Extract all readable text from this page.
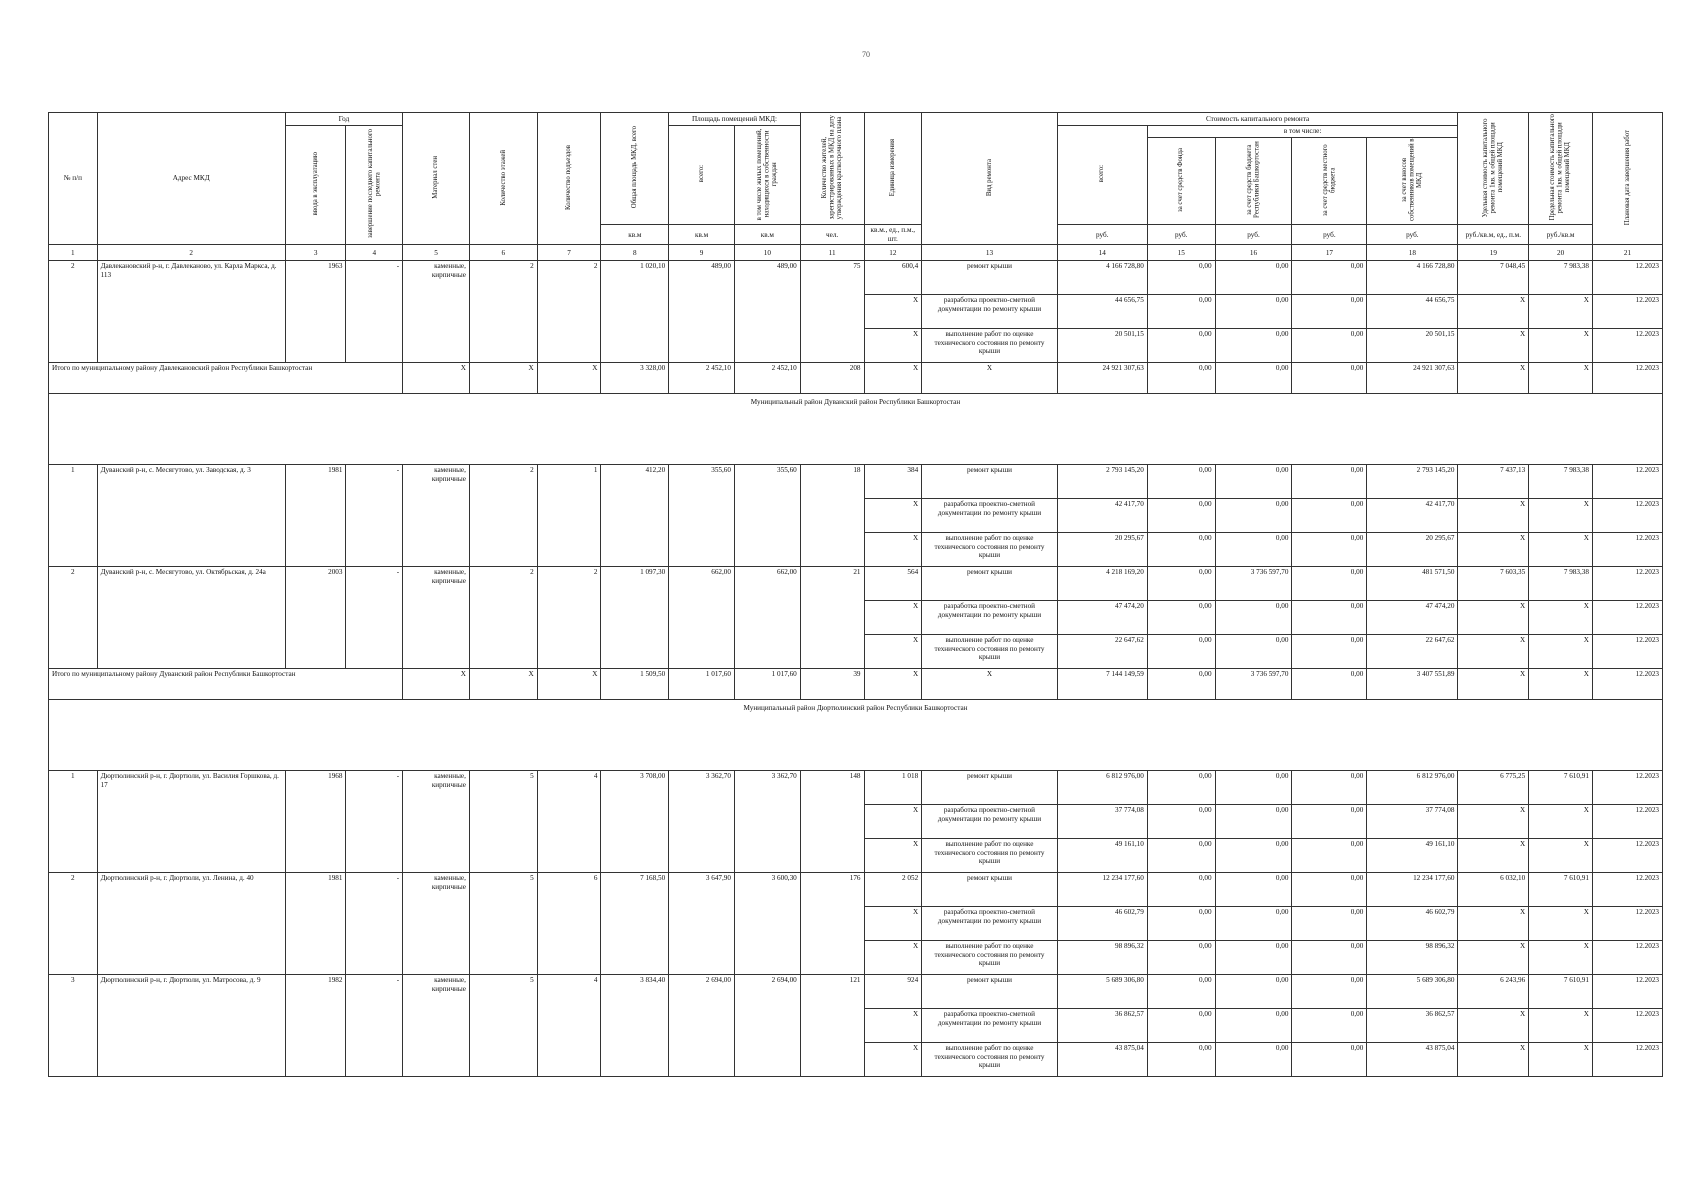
70
№ п/п	Адрес МКД	Год		Материал стен	Количество этажей	Количество подъездов	Общая площадь МКД, всего	Площадь помещений МКД:		Количество жителей, зарегистрированных в МКД на дату утверждения краткосрочного плана	Единица измерения	Вид ремонта	Стоимость капитального ремонта					Удельная стоимость капитального ремонта 1кв. м общей площади помещений МКД	Предельная стоимость капитального ремонта 1кв. м общей площади помещений МКД	Плановая дата завершения работ
		ввода в эксплуатацию	завершение последнего капитального ремонта					всего:	в том числе жилых помещений, находящихся в собственности граждан				всего:	в том числе:						
														за счет средств Фонда	за счет средств бюджета Республики Башкортостан	за счет средств местного бюджета	за счет взносов собственников помещений в МКД			
							кв.м	кв.м	кв.м	чел.	кв.м., ед., п.м., шт.		руб.	руб.	руб.	руб.	руб.	руб./кв.м, ед., п.м.	руб./кв.м	
1	2	3	4	5	6	7	8	9	10	11	12	13	14	15	16	17	18	19	20	21
2	Давлекановский р-н, г. Давлеканово, ул. Карла Маркса, д. 113	1963	-	каменные, кирпичные	2	2	1 020,10	489,00	489,00	75	600,4	ремонт крыши	4 166 728,80	0,00	0,00	0,00	4 166 728,80	7 048,45	7 983,38	12.2023
											X	разработка проектно-сметной документации по ремонту крыши	44 656,75	0,00	0,00	0,00	44 656,75	X	X	12.2023
											X	выполнение работ по оценке технического состояния по ремонту крыши	20 501,15	0,00	0,00	0,00	20 501,15	X	X	12.2023
Итого по муниципальному району Давлекановский район Республики Башкортостан				X	X	X	3 328,00	2 452,10	2 452,10	208	X	X	24 921 307,63	0,00	0,00	0,00	24 921 307,63	X	X	12.2023
Муниципальный район Дуванский район Республики Башкортостан																				
1	Дуванский р-н, с. Месягутово, ул. Заводская, д. 3	1981	-	каменные, кирпичные	2	1	412,20	355,60	355,60	18	384	ремонт крыши	2 793 145,20	0,00	0,00	0,00	2 793 145,20	7 437,13	7 983,38	12.2023
											X	разработка проектно-сметной документации по ремонту крыши	42 417,70	0,00	0,00	0,00	42 417,70	X	X	12.2023
											X	выполнение работ по оценке технического состояния по ремонту крыши	20 295,67	0,00	0,00	0,00	20 295,67	X	X	12.2023
2	Дуванский р-н, с. Месягутово, ул. Октябрьская, д. 24а	2003	-	каменные, кирпичные	2	2	1 097,30	662,00	662,00	21	564	ремонт крыши	4 218 169,20	0,00	3 736 597,70	0,00	481 571,50	7 603,35	7 983,38	12.2023
											X	разработка проектно-сметной документации по ремонту крыши	47 474,20	0,00	0,00	0,00	47 474,20	X	X	12.2023
											X	выполнение работ по оценке технического состояния по ремонту крыши	22 647,62	0,00	0,00	0,00	22 647,62	X	X	12.2023
Итого по муниципальному району Дуванский район Республики Башкортостан				X	X	X	1 509,50	1 017,60	1 017,60	39	X	X	7 144 149,59	0,00	3 736 597,70	0,00	3 407 551,89	X	X	12.2023
Муниципальный район Дюртюлинский район Республики Башкортостан																				
1	Дюртюлинский р-н, г. Дюртюли, ул. Василия Горшкова, д. 17	1968	-	каменные, кирпичные	5	4	3 708,00	3 362,70	3 362,70	148	1 018	ремонт крыши	6 812 976,00	0,00	0,00	0,00	6 812 976,00	6 775,25	7 610,91	12.2023
											X	разработка проектно-сметной документации по ремонту крыши	37 774,08	0,00	0,00	0,00	37 774,08	X	X	12.2023
											X	выполнение работ по оценке технического состояния по ремонту крыши	49 161,10	0,00	0,00	0,00	49 161,10	X	X	12.2023
2	Дюртюлинский р-н, г. Дюртюли, ул. Ленина, д. 40	1981	-	каменные, кирпичные	5	6	7 168,50	3 647,90	3 600,30	176	2 052	ремонт крыши	12 234 177,60	0,00	0,00	0,00	12 234 177,60	6 032,10	7 610,91	12.2023
											X	разработка проектно-сметной документации по ремонту крыши	46 602,79	0,00	0,00	0,00	46 602,79	X	X	12.2023
											X	выполнение работ по оценке технического состояния по ремонту крыши	98 896,32	0,00	0,00	0,00	98 896,32	X	X	12.2023
3	Дюртюлинский р-н, г. Дюртюли, ул. Матросова, д. 9	1982	-	каменные, кирпичные	5	4	3 834,40	2 694,00	2 694,00	121	924	ремонт крыши	5 689 306,80	0,00	0,00	0,00	5 689 306,80	6 243,96	7 610,91	12.2023
											X	разработка проектно-сметной документации по ремонту крыши	36 862,57	0,00	0,00	0,00	36 862,57	X	X	12.2023
											X	выполнение работ по оценке технического состояния по ремонту крыши	43 875,04	0,00	0,00	0,00	43 875,04	X	X	12.2023
